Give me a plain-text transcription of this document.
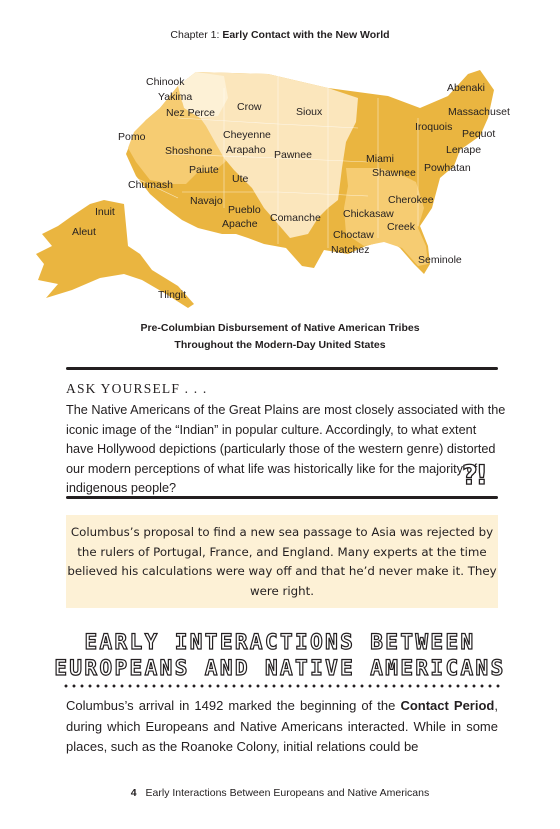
Chapter 1: Early Contact with the New World
Chinook
Yakima
Nez Perce Crow	Sioux
Abenaki
Massachuset
Iroquois
Pequot
Pomo	Cheyenne
Shoshone Arapaho Pawnee	Lenape
Paiute
Miami
Shawnee Powhatan
Chumash	Ute
Navajo
Pueblo
Apache Comanche Chickasaw
Cherokee
Inuit
Aleut	Choctaw
Creek
Natchez
Seminole
Tlingit
Pre-Columbian Disbursement of Native American Tribes
Throughout the Modern-Day United States
ASK YOURSELF . . .
The Native Americans of the Great Plains are most closely associated with the iconic image of the “Indian” in popular culture. Accordingly, to what extent have Hollywood depictions (particularly those of the western genre) distorted our modern perceptions of what life was historically like for the majority of indigenous people?	?!
Columbus’s proposal to find a new sea passage to Asia was rejected by the rulers of Portugal, France, and England. Many experts at the time believed his calculations were way off and that he’d never make it. They were right.
EARLY INTERACTIONS BETWEEN
EUROPEANS AND NATIVE AMERICANS
Columbus’s arrival in 1492 marked the beginning of the Contact Period, during which Europeans and Native Americans interacted. While in some places, such as the Roanoke Colony, initial relations could be
4 Early Interactions Between Europeans and Native Americans
